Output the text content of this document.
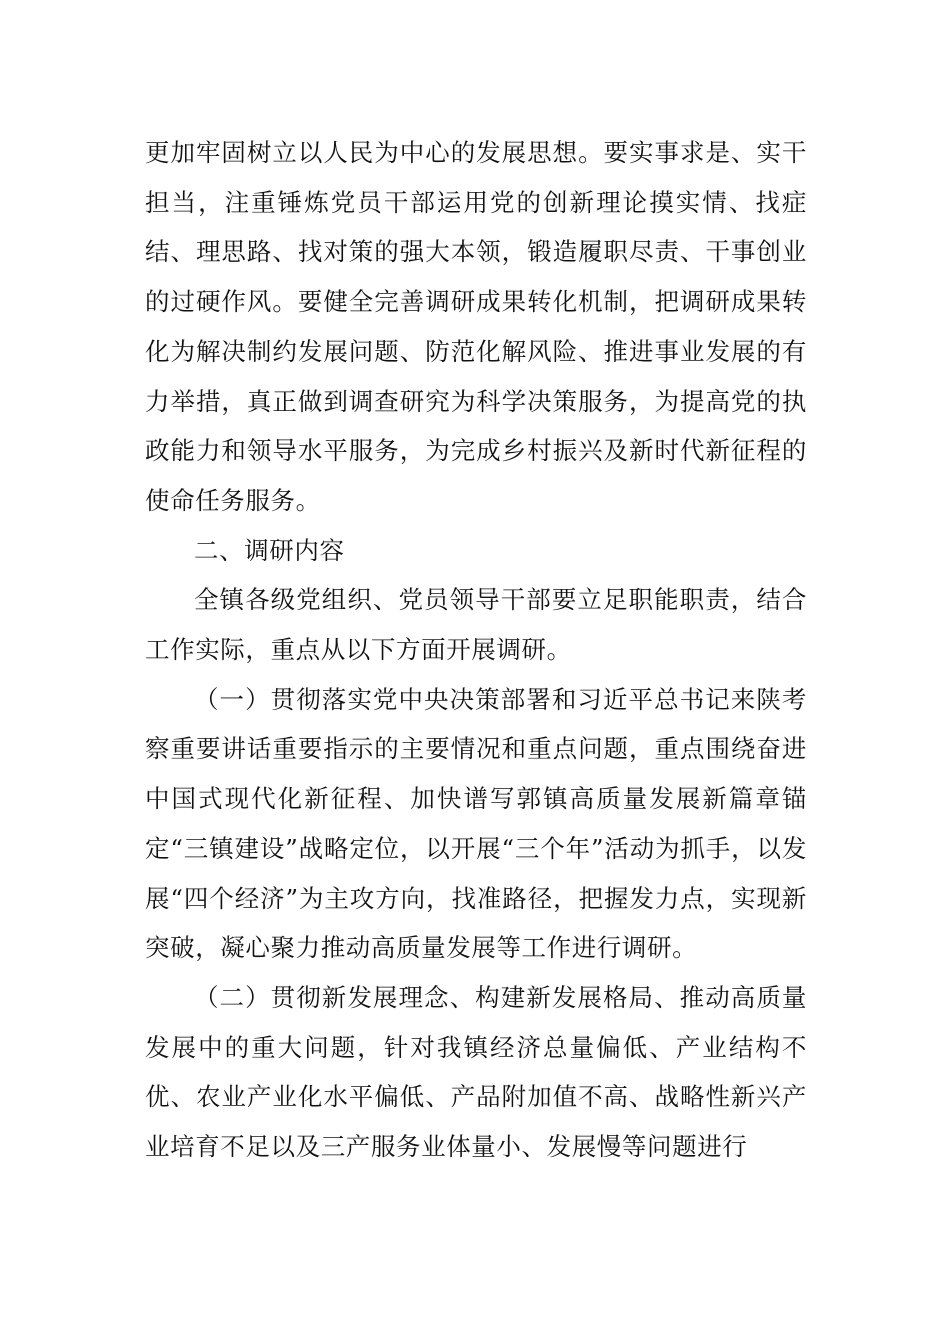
更加牢固树立以人民为中心的发展思想。要实事求是、实干担当，注重锤炼党员干部运用党的创新理论摸实情、找症结、理思路、找对策的强大本领，锻造履职尽责、干事创业的过硬作风。要健全完善调研成果转化机制，把调研成果转化为解决制约发展问题、防范化解风险、推进事业发展的有力举措，真正做到调查研究为科学决策服务，为提高党的执政能力和领导水平服务，为完成乡村振兴及新时代新征程的使命任务服务。

二、调研内容

全镇各级党组织、党员领导干部要立足职能职责，结合工作实际，重点从以下方面开展调研。

（一）贯彻落实党中央决策部署和习近平总书记来陕考察重要讲话重要指示的主要情况和重点问题，重点围绕奋进中国式现代化新征程、加快谱写郭镇高质量发展新篇章锚定“三镇建设”战略定位，以开展“三个年”活动为抓手，以发展“四个经济”为主攻方向，找准路径，把握发力点，实现新突破，凝心聚力推动高质量发展等工作进行调研。

（二）贯彻新发展理念、构建新发展格局、推动高质量发展中的重大问题，针对我镇经济总量偏低、产业结构不优、农业产业化水平偏低、产品附加值不高、战略性新兴产业培育不足以及三产服务业体量小、发展慢等问题进行
